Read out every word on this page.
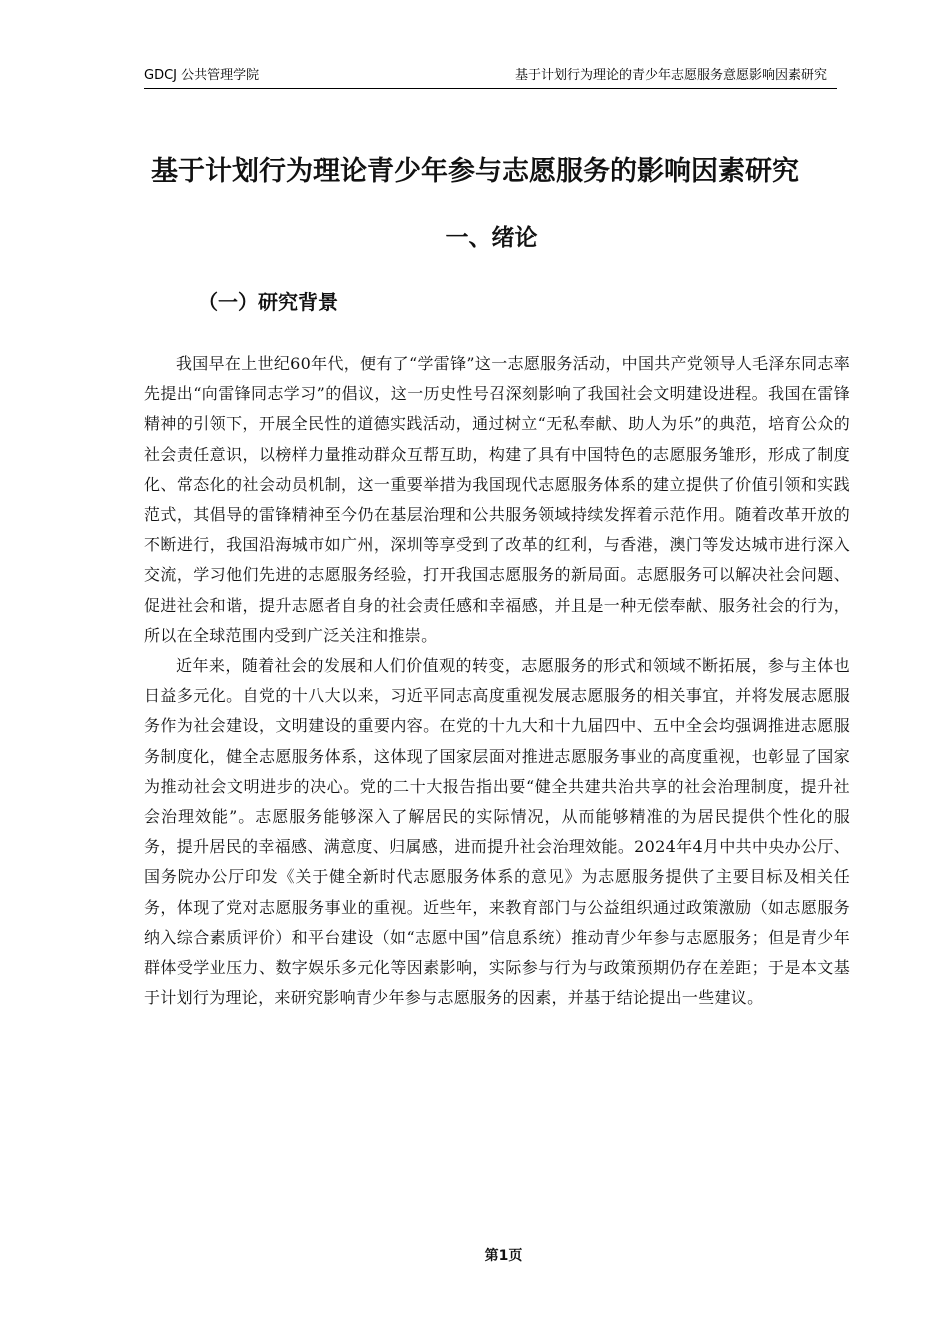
GDCJ 公共管理学院	基于计划行为理论的青少年志愿服务意愿影响因素研究
基于计划行为理论青少年参与志愿服务的影响因素研究
一、绪论
（一）研究背景

我国早在上世纪60年代，便有了“学雷锋”这一志愿服务活动，中国共产党领导人毛泽东同志率先提出“向雷锋同志学习”的倡议，这一历史性号召深刻影响了我国社会文明建设进程。我国在雷锋精神的引领下，开展全民性的道德实践活动，通过树立“无私奉献、助人为乐”的典范，培育公众的社会责任意识，以榜样力量推动群众互帮互助，构建了具有中国特色的志愿服务雏形，形成了制度化、常态化的社会动员机制，这一重要举措为我国现代志愿服务体系的建立提供了价值引领和实践范式，其倡导的雷锋精神至今仍在基层治理和公共服务领域持续发挥着示范作用。随着改革开放的不断进行，我国沿海城市如广州，深圳等享受到了改革的红利，与香港，澳门等发达城市进行深入交流，学习他们先进的志愿服务经验，打开我国志愿服务的新局面。志愿服务可以解决社会问题、促进社会和谐，提升志愿者自身的社会责任感和幸福感，并且是一种无偿奉献、服务社会的行为，所以在全球范围内受到广泛关注和推崇。

近年来，随着社会的发展和人们价值观的转变，志愿服务的形式和领域不断拓展，参与主体也日益多元化。自党的十八大以来，习近平同志高度重视发展志愿服务的相关事宜，并将发展志愿服务作为社会建设，文明建设的重要内容。在党的十九大和十九届四中、五中全会均强调推进志愿服务制度化，健全志愿服务体系，这体现了国家层面对推进志愿服务事业的高度重视，也彰显了国家为推动社会文明进步的决心。党的二十大报告指出要“健全共建共治共享的社会治理制度，提升社会治理效能”。志愿服务能够深入了解居民的实际情况，从而能够精准的为居民提供个性化的服务，提升居民的幸福感、满意度、归属感，进而提升社会治理效能。2024年4月中共中央办公厅、国务院办公厅印发《关于健全新时代志愿服务体系的意见》为志愿服务提供了主要目标及相关任务，体现了党对志愿服务事业的重视。近些年，来教育部门与公益组织通过政策激励（如志愿服务纳入综合素质评价）和平台建设（如“志愿中国”信息系统）推动青少年参与志愿服务；但是青少年群体受学业压力、数字娱乐多元化等因素影响，实际参与行为与政策预期仍存在差距；于是本文基于计划行为理论，来研究影响青少年参与志愿服务的因素，并基于结论提出一些建议。

第1页
